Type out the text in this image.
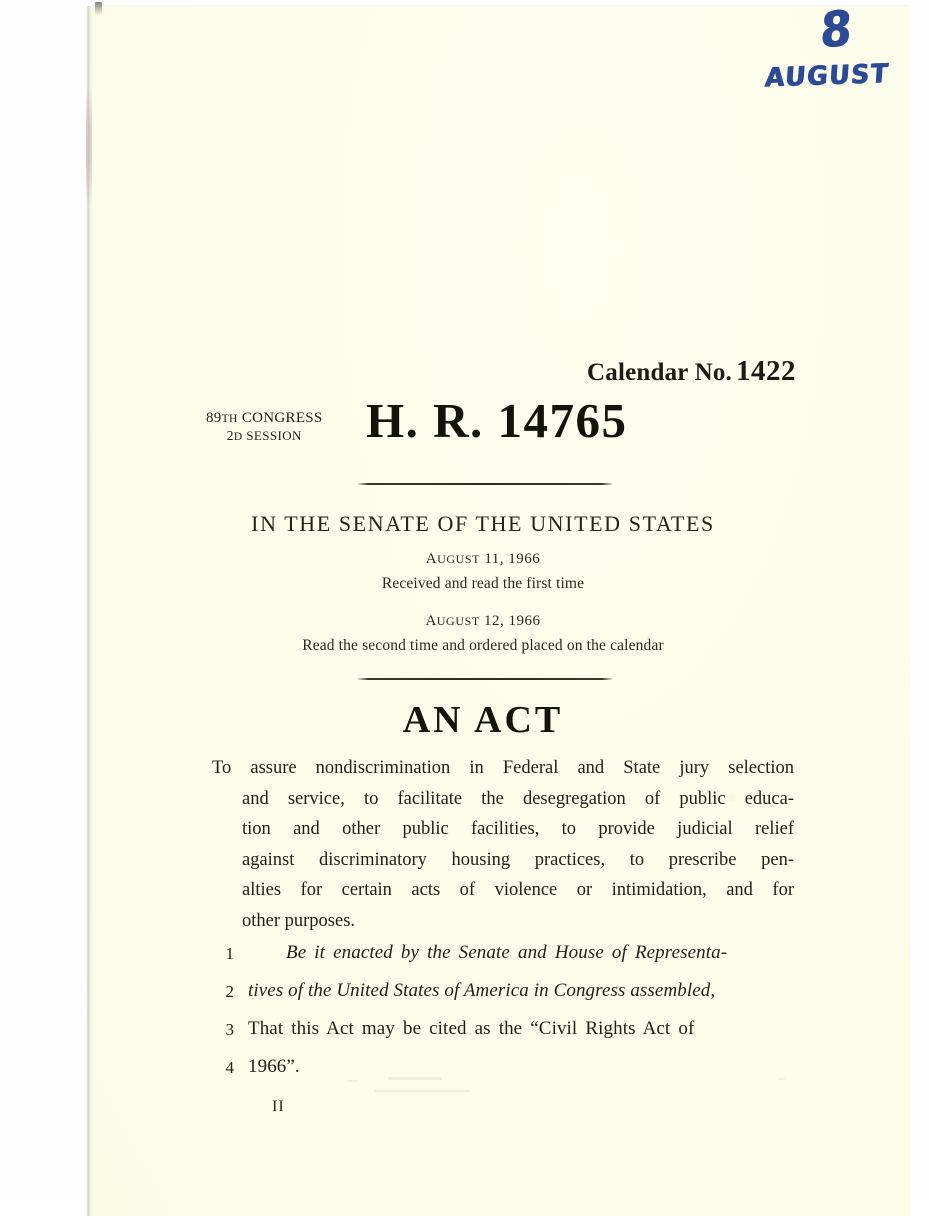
8
AUGUST
Calendar No. 1422
89TH CONGRESS
2D SESSION	H. R. 14765
IN THE SENATE OF THE UNITED STATES
AUGUST 11, 1966
Received and read the first time
AUGUST 12, 1966
Read the second time and ordered placed on the calendar
AN ACT
To assure nondiscrimination in Federal and State jury selection
and service, to facilitate the desegregation of public educa-
tion and other public facilities, to provide judicial relief
against discriminatory housing practices, to prescribe pen-
alties for certain acts of violence or intimidation, and for
other purposes.
1	Be it enacted by the Senate and House of Representa-
2 tives of the United States of America in Congress assembled,
3 That this Act may be cited as the “Civil Rights Act of
4 1966”.
II
